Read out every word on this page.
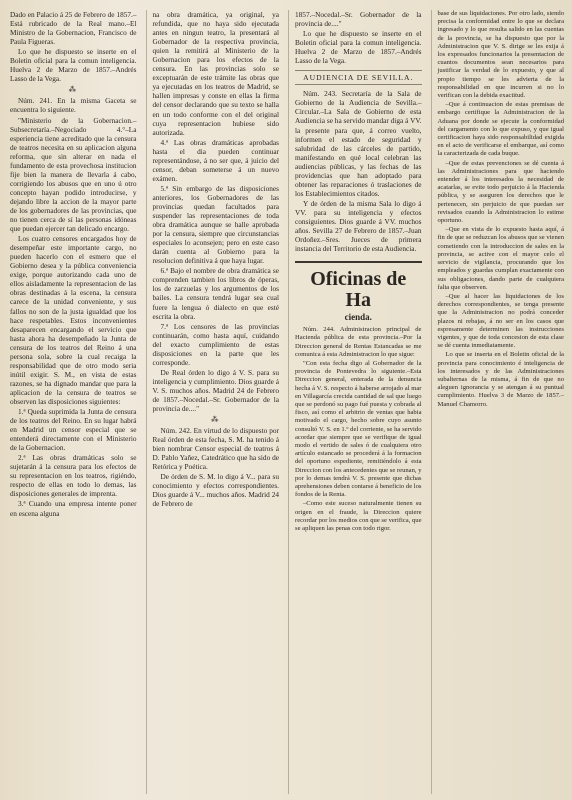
Dado en Palacio á 25 de Febrero de 1857.–Está rubricado de la Real mano.–El Ministro de la Gobernacion, Francisco de Paula Figueras.

Lo que he dispuesto se inserte en el Boletin oficial para la comun inteligencia. Huelva 2 de Marzo de 1857.–Andrés Lasso de la Vega.

⁂

Núm. 241. En la misma Gaceta se encuentra lo siguiente.

"Ministerio de la Gobernacion.–Subsecretaría.–Negociado 4.°–La esperiencia tiene acreditado que la censura de teatros necesita en su aplicacion alguna reforma, que sin alterar en nada el fundamento de esta provechosa institucion fije bien la manera de llevarla á cabo, corrigiendo los abusos que en uno ú otro concepto hayan podido introducirse, y dejando libre la accion de la mayor parte de los gobernadores de las provincias, que no tienen cerca de sí las personas idóneas que puedan ejercer tan delicado encargo.

Los cuatro censores encargados hoy de desempeñar este importante cargo, no pueden hacerlo con el esmero que el Gobierno desea y la pública conveniencia exige, porque autorizando cada uno de ellos aisladamente la representacion de las obras destinadas á la escena, la censura carece de la unidad conveniente, y sus fallos no son de la justa igualdad que los hace respetables. Estos inconvenientes desaparecen encargando el servicio que hasta ahora ha desempeñado la Junta de censura de los teatros del Reino á una persona sola, sobre la cual recaiga la responsabilidad que de otro modo seria inútil exigir. S. M., en vista de estas razones, se ha dignado mandar que para la aplicacion de la censura de teatros se observen las disposiciones siguientes:

1.ª Queda suprimida la Junta de censura de los teatros del Reino. En su lugar habrá en Madrid un censor especial que se entenderá directamente con el Ministerio de la Gobernacion.

2.ª Las obras dramáticas solo se sujetarán á la censura para los efectos de su representacion en los teatros, rigiéndo, respecto de ellas en todo lo demas, las disposiciones generales de imprenta.

3.ª Cuando una empresa intente poner en escena alguna

na obra dramática, ya original, ya refundida, que no haya sido ejecutada antes en ningun teatro, la presentará al Gobernador de la respectiva provincia, quien la remitirá al Ministerio de la Gobernacion para los efectos de la censura. En las provincias solo se exceptuarán de este trámite las obras que ya ejecutadas en los teatros de Madrid, se hallen impresas y conste en ellas la firma del censor declarando que su texto se halla en un todo conforme con el del original cuya representacion hubiese sido autorizada.

4.ª Las obras dramáticas aprobadas hasta el dia pueden continuar representándose, á no ser que, á juicio del censor, deban someterse á un nuevo exámen.

5.ª Sin embargo de las disposiciones anteriores, los Gobernadores de las provincias quedan facultados para suspender las representaciones de toda obra dramática aunque se halle aprobada por la censura, siempre que circunstancias especiales lo aconsejen; pero en este caso darán cuenta al Gobierno para la resolucion definitiva á que haya lugar.

6.ª Bajo el nombre de obra dramática se comprenden tambien los libros de óperas, los de zarzuelas y los argumentos de los bailes. La censura tendrá lugar sea cual fuere la lengua ó dialecto en que esté escrita la obra.

7.ª Los censores de las provincias continuarán, como hasta aquí, cuidando del exacto cumplimiento de estas disposiciones en la parte que les corresponde.

De Real órden lo digo á V. S. para su inteligencia y cumplimiento. Dios guarde á V. S. muchos años. Madrid 24 de Febrero de 1857.–Nocedal.–Sr. Gobernador de la provincia de...."

⁂

Núm. 242. En virtud de lo dispuesto por Real órden de esta fecha, S. M. ha tenido á bien nombrar Censor especial de teatros á D. Pablo Yañez, Catedrático que ha sido de Retórica y Poética.

De órden de S. M. lo digo á V... para su conocimiento y efectos correspondientes. Dios guarde á V... muchos años. Madrid 24 de Febrero de

1857.–Nocedal.–Sr. Gobernador de la provincia de...."

Lo que he dispuesto se inserte en el Boletin oficial para la comun inteligencia. Huelva 2 de Marzo de 1857.–Andrés Lasso de la Vega.

AUDIENCIA DE SEVILLA.

Núm. 243. Secretaría de la Sala de Gobierno de la Audiencia de Sevilla.–Circular.–La Sala de Gobierno de esta Audiencia se ha servido mandar diga á VV. la presente para que, á correo vuelto, informen el estado de seguridad y salubridad de las cárceles de partido, manifestando en qué local celebran las audiencias públicas, y las fechas de las providencias que han adoptado para obtener las reparaciones ó traslaciones de los Establecimientos citados.

Y de órden de la misma Sala lo digo á VV. para su inteligencia y efectos consiguientes. Dios guarde á VV. muchos años. Sevilla 27 de Febrero de 1857.–Juan Ordoñez.–Sres. Jueces de primera instancia del Territorio de esta Audiencia.

Oficinas de Ha
cienda.

Núm. 244. Administracion principal de Hacienda pública de esta provincia.–Por la Direccion general de Rentas Estancadas se me comunica á esta Administracion lo que sigue:

"Con esta fecha digo al Gobernador de la provincia de Pontevedra lo siguiente.–Esta Direccion general, enterada de la denuncia hecha á V. S. respecto á haberse arrojado al mar en Villagarcía crecida cantidad de sal que luego que se perdonó su pago fué puesta y cobrada al fisco, así como el arbitrio de ventas que habia motivado el cargo, hecho sobre cuyo asunto consultó V. S. en 1.º del corriente, se ha servido acordar que siempre que se verifique de igual modo el vertido de sales ó de cualquiera otro artículo estancado se procederá á la formacion del oportuno espediente, remitiéndolo á esta Direccion con los antecedentes que se reunan, y por lo demas tendrá V. S. presente que dichas aprehensiones deben contarse á beneficio de los fondos de la Renta.

–Como este suceso naturalmente tienen su origen en el fraude, la Direccion quiere recordar por los medios con que se verifica, que se apliquen las penas con todo rigor.

base de sus liquidaciones. Por otro lado, siendo precisa la conformidad entre lo que se declara ingresado y lo que resulta salido en las cuentas de la provincia, se ha dispuesto que por la Administracion que V. S. dirige se les exija á los expresados funcionarios la presentacion de cuantos documentos sean necesarios para justificar la verdad de lo expuesto, y que al propio tiempo se les advierta de la responsabilidad en que incurren si no lo verifican con la debida exactitud.

–Que á continuacion de estas premisas de embargo certifique la Administracion de la Aduana por donde se ejecute la conformidad del cargamento con lo que expuso, y que igual certificacion haya sido responsabilidad exigida en el acto de verificarse el embarque, así como la caracterizada de cada buque.

–Que de estas prevenciones se dé cuenta á las Administraciones para que haciendo entender á los interesados la necesidad de acatarlas, se evite todo perjuicio á la Hacienda pública, y se aseguren los derechos que le pertenecen, sin perjuicio de que puedan ser revisados cuando la Administracion lo estime oportuno.

–Que en vista de lo expuesto hasta aquí, á fin de que se reduzcan los abusos que se vienen cometiendo con la introduccion de sales en la provincia, se active con el mayor celo el servicio de vigilancia, procurando que los empleados y guardas cumplan exactamente con sus obligaciones, dando parte de cualquiera falta que observen.

–Que al hacer las liquidaciones de los derechos correspondientes, se tenga presente que la Administracion no podrá conceder plazos ni rebajas, á no ser en los casos que espresamente determinen las instrucciones vigentes, y que de toda concesion de esta clase se dé cuenta inmediatamente.

Lo que se inserta en el Boletin oficial de la provincia para conocimiento é inteligencia de los interesados y de las Administraciones subalternas de la misma, á fin de que no aleguen ignorancia y se atengan á su puntual cumplimiento. Huelva 3 de Marzo de 1857.–Manuel Chamorro.
